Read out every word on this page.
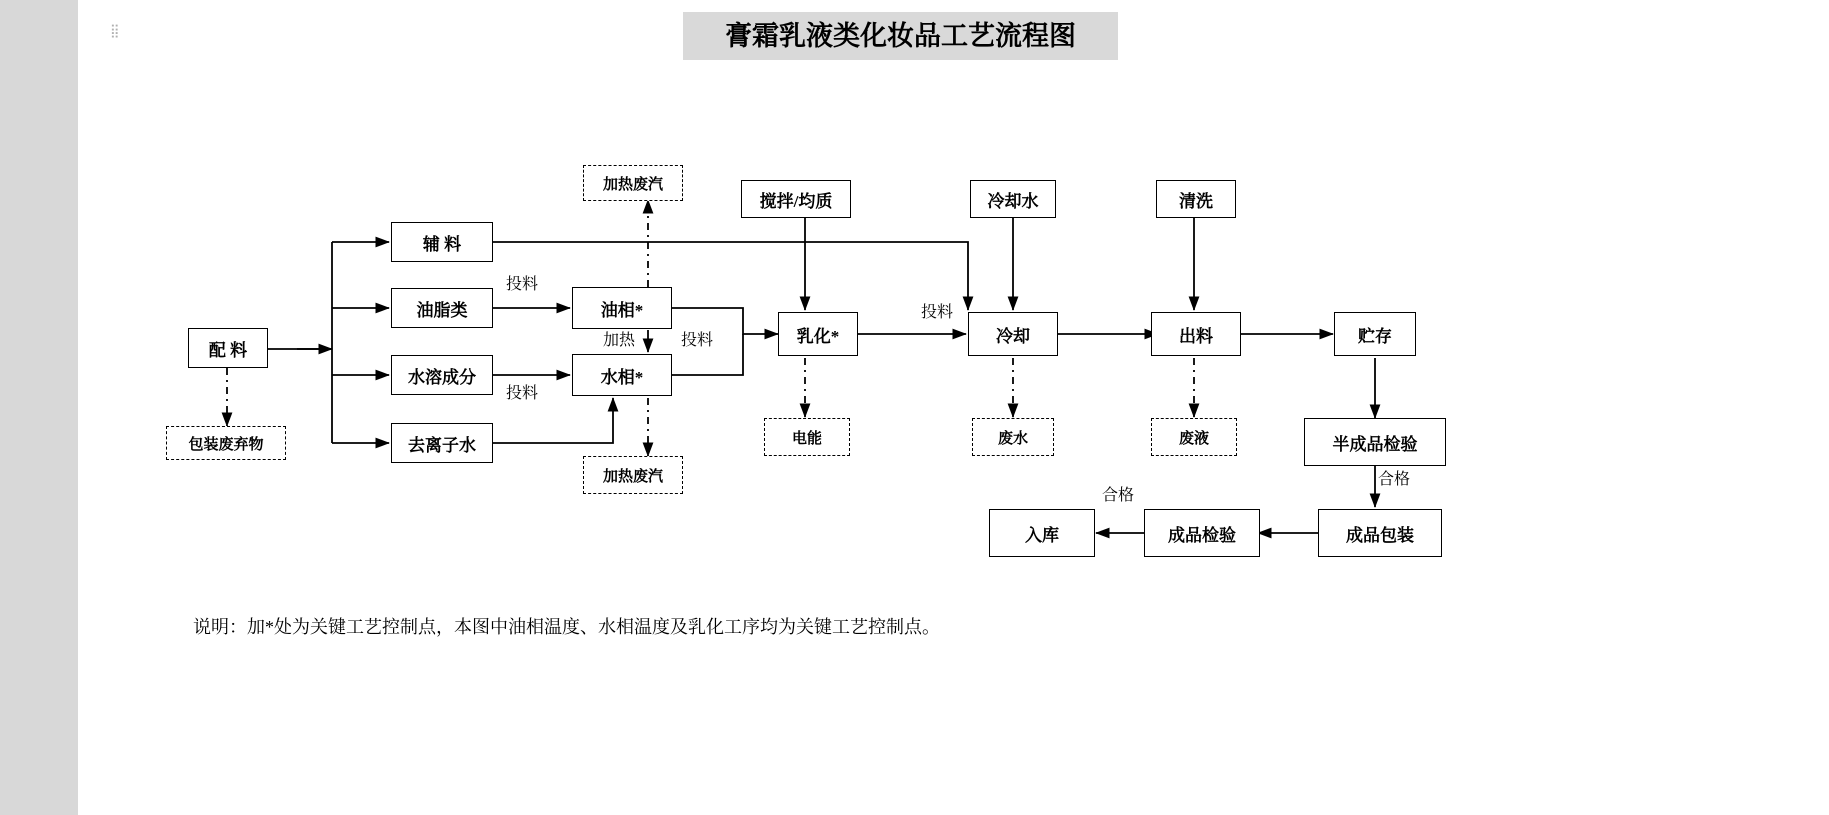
⣿	膏霜乳液类化妆品工艺流程图
配 料
包装废弃物
辅 料
油脂类
水溶成分
去离子水
油相*
水相*
加热废汽
加热废汽
搅拌/均质
乳化*
电能
冷却水
冷却
废水
清洗
出料
废液
贮存
半成品检验
成品包装
成品检验
入库
投料
投料
投料
投料
加热
合格
合格
说明：加*处为关键工艺控制点，本图中油相温度、水相温度及乳化工序均为关键工艺控制点。
